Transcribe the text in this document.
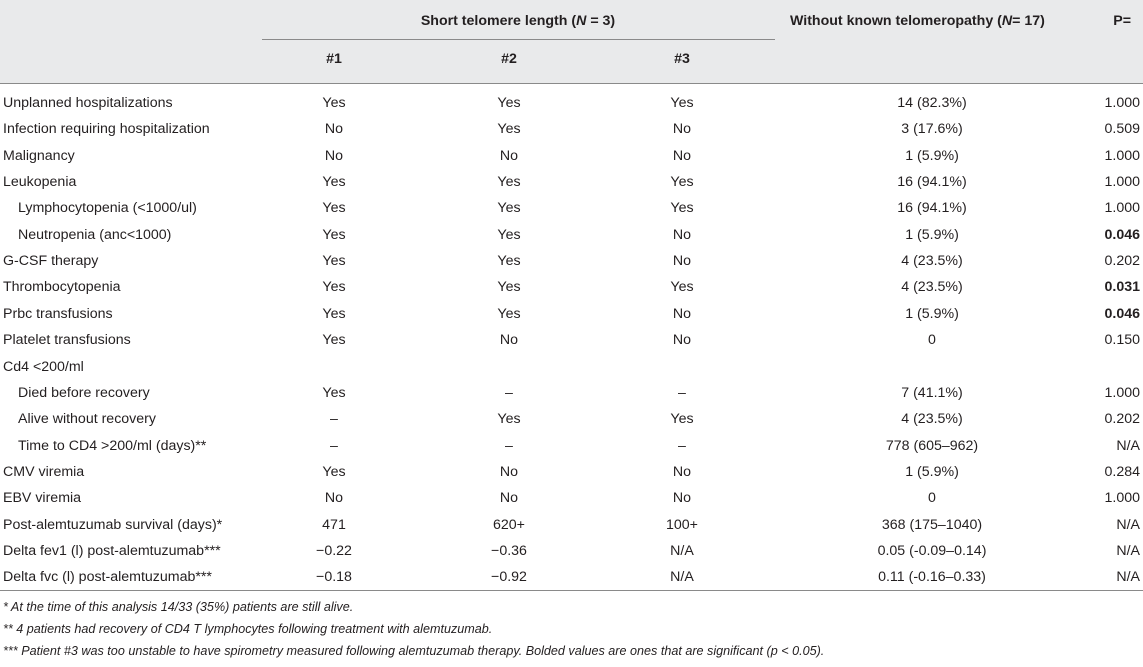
Short telomere length (N = 3)	Without known telomeropathy (N= 17)	P=
#1	#2	#3
Unplanned hospitalizations	Yes	Yes	Yes	14 (82.3%)	1.000
Infection requiring hospitalization	No	Yes	No	3 (17.6%)	0.509
Malignancy	No	No	No	1 (5.9%)	1.000
Leukopenia	Yes	Yes	Yes	16 (94.1%)	1.000
Lymphocytopenia (<1000/ul)	Yes	Yes	Yes	16 (94.1%)	1.000
Neutropenia (anc<1000)	Yes	Yes	No	1 (5.9%)	0.046
G-CSF therapy	Yes	Yes	No	4 (23.5%)	0.202
Thrombocytopenia	Yes	Yes	Yes	4 (23.5%)	0.031
Prbc transfusions	Yes	Yes	No	1 (5.9%)	0.046
Platelet transfusions	Yes	No	No	0	0.150
Cd4 <200/ml
Died before recovery	Yes	–	–	7 (41.1%)	1.000
Alive without recovery	–	Yes	Yes	4 (23.5%)	0.202
Time to CD4 >200/ml (days)**	–	–	–	778 (605–962)	N/A
CMV viremia	Yes	No	No	1 (5.9%)	0.284
EBV viremia	No	No	No	0	1.000
Post-alemtuzumab survival (days)*	471	620+	100+	368 (175–1040)	N/A
Delta fev1 (l) post-alemtuzumab***	−0.22	−0.36	N/A	0.05 (-0.09–0.14)	N/A
Delta fvc (l) post-alemtuzumab***	−0.18	−0.92	N/A	0.11 (-0.16–0.33)	N/A
* At the time of this analysis 14/33 (35%) patients are still alive.
** 4 patients had recovery of CD4 T lymphocytes following treatment with alemtuzumab.
*** Patient #3 was too unstable to have spirometry measured following alemtuzumab therapy. Bolded values are ones that are significant (p < 0.05).
